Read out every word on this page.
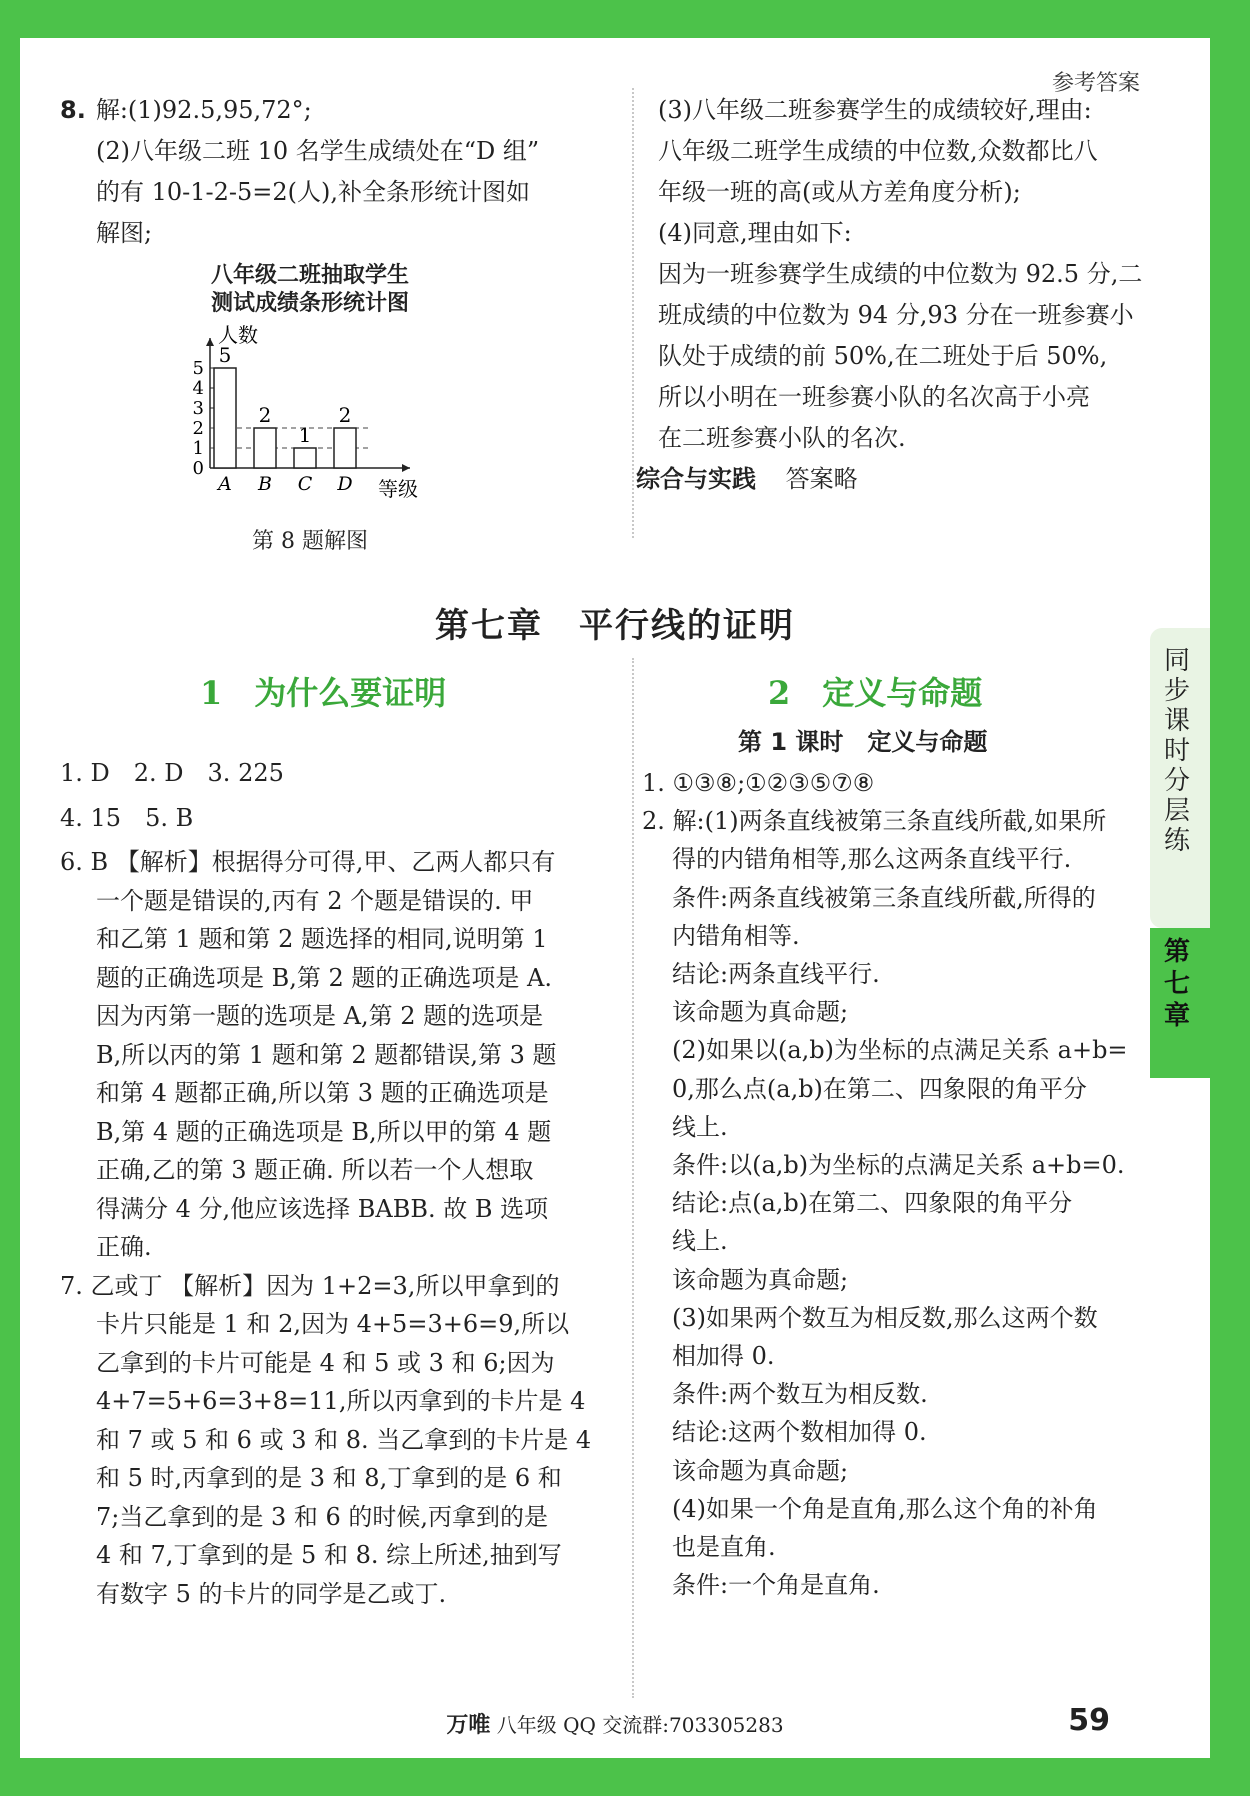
参考答案
8. 解:(1)92.5,95,72°;
(2)八年级二班 10 名学生成绩处在“D 组”
的有 10-1-2-5=2(人),补全条形统计图如
解图;
八年级二班抽取学生
测试成绩条形统计图
0
1
2
3
4
5
5
A
2
B
1
C
2
D
人数
等级
第 8 题解图
(3)八年级二班参赛学生的成绩较好,理由:
八年级二班学生成绩的中位数,众数都比八
年级一班的高(或从方差角度分析);
(4)同意,理由如下:
因为一班参赛学生成绩的中位数为 92.5 分,二
班成绩的中位数为 94 分,93 分在一班参赛小
队处于成绩的前 50%,在二班处于后 50%,
所以小明在一班参赛小队的名次高于小亮
在二班参赛小队的名次.
综合与实践 答案略
第七章　平行线的证明
1　为什么要证明	2　定义与命题
第 1 课时　定义与命题
1. D　2. D　3. 225
4. 15　5. B
6. B 【解析】根据得分可得,甲、乙两人都只有
一个题是错误的,丙有 2 个题是错误的. 甲
和乙第 1 题和第 2 题选择的相同,说明第 1
题的正确选项是 B,第 2 题的正确选项是 A.
因为丙第一题的选项是 A,第 2 题的选项是
B,所以丙的第 1 题和第 2 题都错误,第 3 题
和第 4 题都正确,所以第 3 题的正确选项是
B,第 4 题的正确选项是 B,所以甲的第 4 题
正确,乙的第 3 题正确. 所以若一个人想取
得满分 4 分,他应该选择 BABB. 故 B 选项
正确.
7. 乙或丁 【解析】因为 1+2=3,所以甲拿到的
卡片只能是 1 和 2,因为 4+5=3+6=9,所以
乙拿到的卡片可能是 4 和 5 或 3 和 6;因为
4+7=5+6=3+8=11,所以丙拿到的卡片是 4
和 7 或 5 和 6 或 3 和 8. 当乙拿到的卡片是 4
和 5 时,丙拿到的是 3 和 8,丁拿到的是 6 和
7;当乙拿到的是 3 和 6 的时候,丙拿到的是
4 和 7,丁拿到的是 5 和 8. 综上所述,抽到写
有数字 5 的卡片的同学是乙或丁.
1. ①③⑧;①②③⑤⑦⑧
2. 解:(1)两条直线被第三条直线所截,如果所
得的内错角相等,那么这两条直线平行.
条件:两条直线被第三条直线所截,所得的
内错角相等.
结论:两条直线平行.
该命题为真命题;
(2)如果以(a,b)为坐标的点满足关系 a+b=
0,那么点(a,b)在第二、四象限的角平分
线上.
条件:以(a,b)为坐标的点满足关系 a+b=0.
结论:点(a,b)在第二、四象限的角平分
线上.
该命题为真命题;
(3)如果两个数互为相反数,那么这两个数
相加得 0.
条件:两个数互为相反数.
结论:这两个数相加得 0.
该命题为真命题;
(4)如果一个角是直角,那么这个角的补角
也是直角.
条件:一个角是直角.
同步课时分层练
第七章
万唯 八年级 QQ 交流群:703305283	59
